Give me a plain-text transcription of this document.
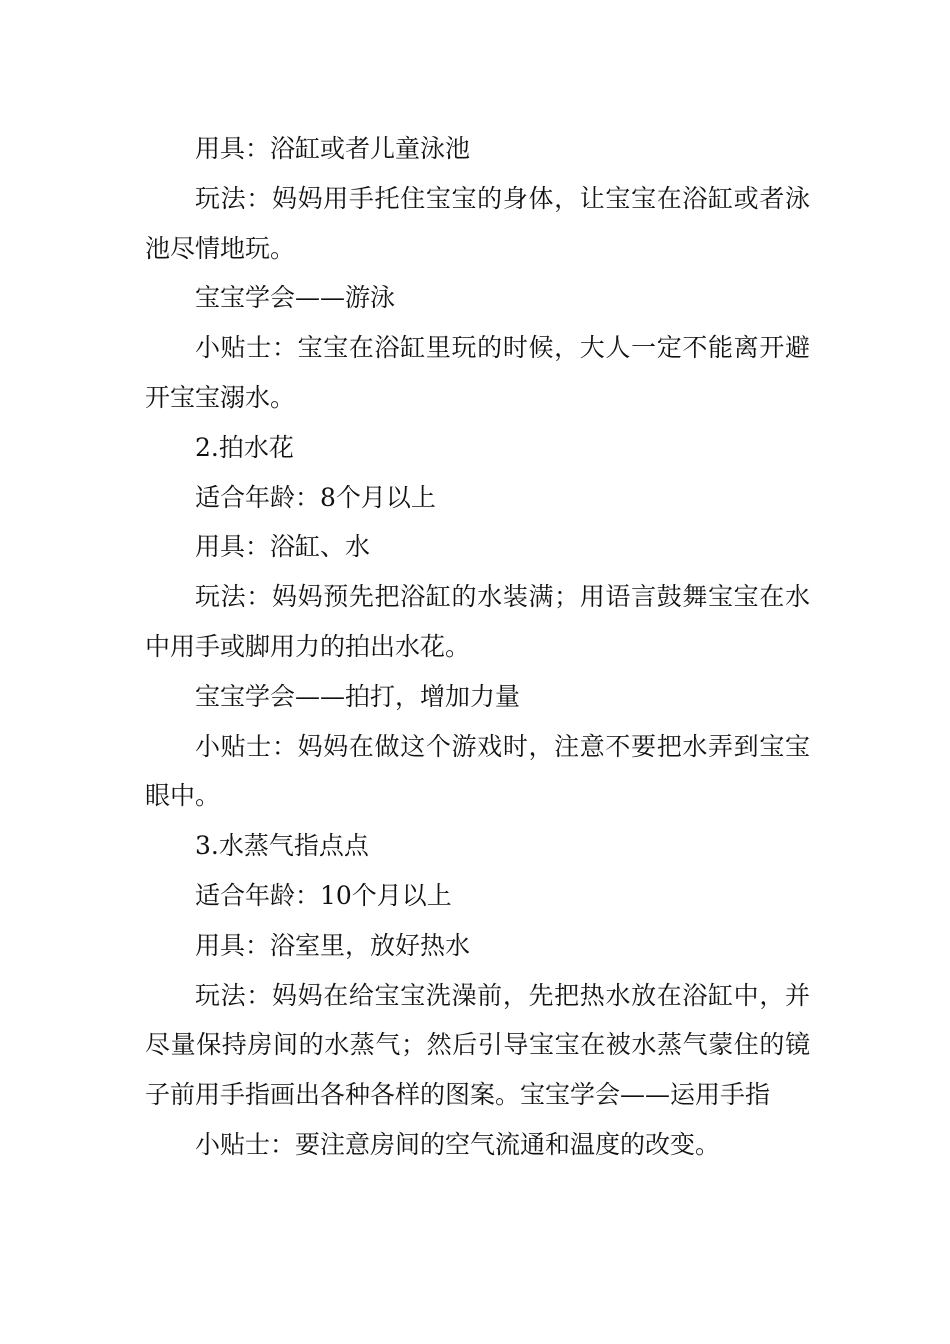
用具：浴缸或者儿童泳池

玩法：妈妈用手托住宝宝的身体，让宝宝在浴缸或者泳池尽情地玩。

宝宝学会——游泳

小贴士：宝宝在浴缸里玩的时候，大人一定不能离开避开宝宝溺水。

2.拍水花

适合年龄：8个月以上

用具：浴缸、水

玩法：妈妈预先把浴缸的水装满；用语言鼓舞宝宝在水中用手或脚用力的拍出水花。

宝宝学会——拍打，增加力量

小贴士：妈妈在做这个游戏时，注意不要把水弄到宝宝眼中。

3.水蒸气指点点

适合年龄：10个月以上

用具：浴室里，放好热水

玩法：妈妈在给宝宝洗澡前，先把热水放在浴缸中，并尽量保持房间的水蒸气；然后引导宝宝在被水蒸气蒙住的镜子前用手指画出各种各样的图案。宝宝学会——运用手指

小贴士：要注意房间的空气流通和温度的改变。
